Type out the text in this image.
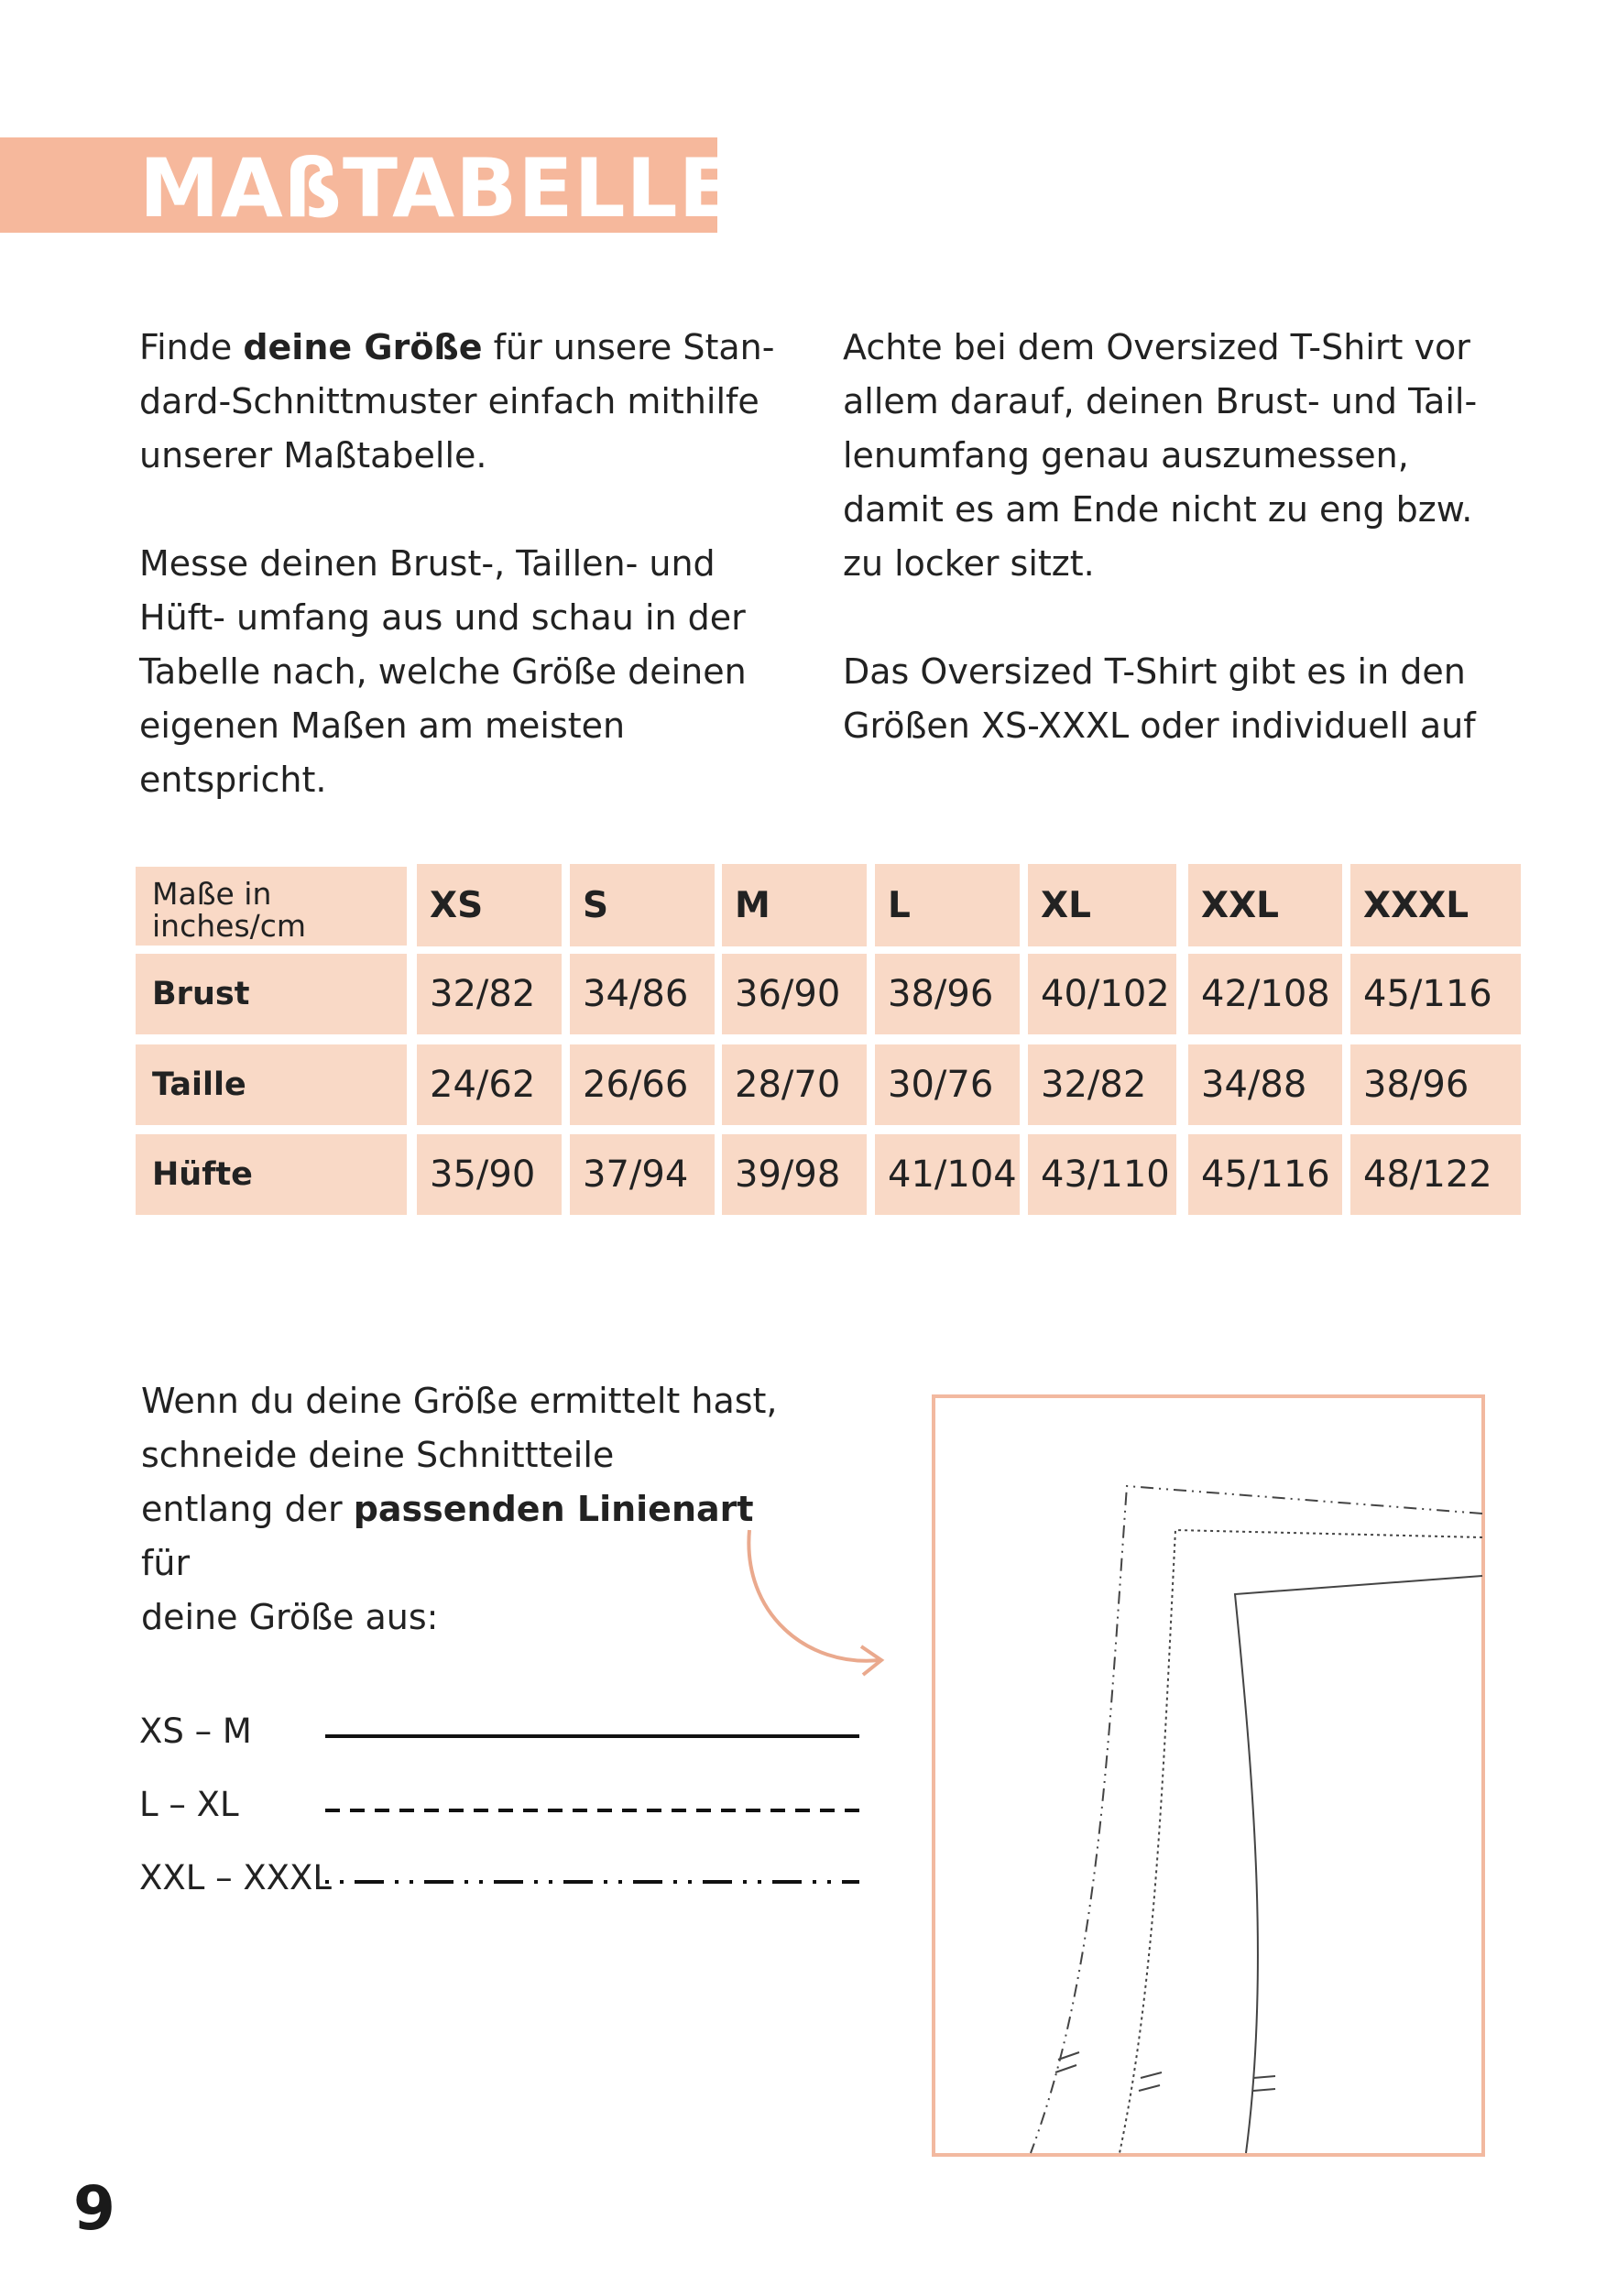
MAßTABELLE

Finde deine Größe für unsere Stan- dard-Schnittmuster einfach mithilfe unserer Maßtabelle.

Messe deinen Brust-, Taillen- und Hüft- umfang aus und schau in der Tabelle nach, welche Größe deinen eigenen Maßen am meisten entspricht.

Achte bei dem Oversized T-Shirt vor allem darauf, deinen Brust- und Tail- lenumfang genau auszumessen, damit es am Ende nicht zu eng bzw. zu locker sitzt.

Das Oversized T-Shirt gibt es in den Größen XS-XXXL oder individuell auf

Maße in
inches/cm	XS	S	M	L	XL	XXL	XXXL
Brust	32/82	34/86	36/90	38/96	40/102 42/108 45/116
Taille	24/62	26/66	28/70	30/76	32/82	34/88	38/96
Hüfte	35/90	37/94	39/98	41/104 43/110 45/116 48/122
Wenn du deine Größe ermittelt hast,
schneide deine Schnittteile
entlang der passenden Linienart für
deine Größe aus:
XS – M
L – XL
XXL – XXXL
9
